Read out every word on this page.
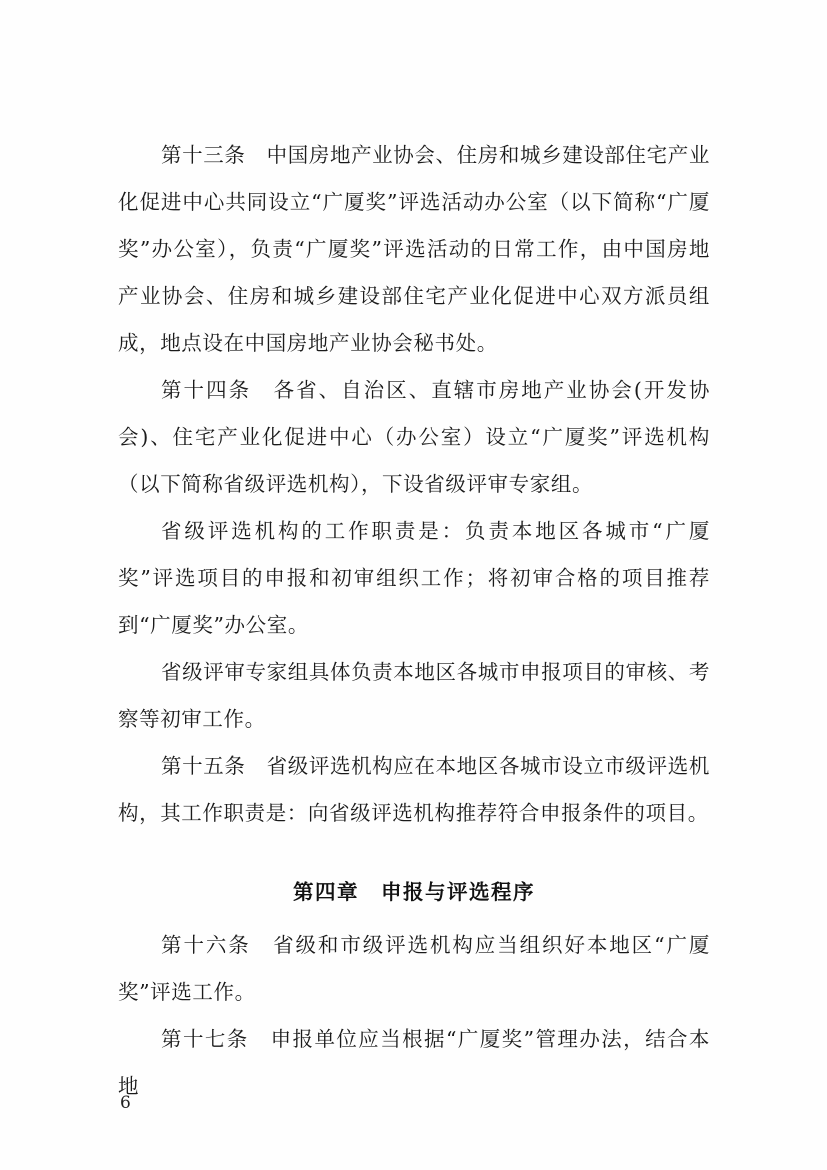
第十三条　中国房地产业协会、住房和城乡建设部住宅产业化促进中心共同设立“广厦奖”评选活动办公室（以下简称“广厦奖”办公室），负责“广厦奖”评选活动的日常工作，由中国房地产业协会、住房和城乡建设部住宅产业化促进中心双方派员组成，地点设在中国房地产业协会秘书处。

第十四条　各省、自治区、直辖市房地产业协会(开发协会)、住宅产业化促进中心（办公室）设立“广厦奖”评选机构（以下简称省级评选机构），下设省级评审专家组。

省级评选机构的工作职责是：负责本地区各城市“广厦奖”评选项目的申报和初审组织工作；将初审合格的项目推荐到“广厦奖”办公室。

省级评审专家组具体负责本地区各城市申报项目的审核、考察等初审工作。

第十五条　省级评选机构应在本地区各城市设立市级评选机构，其工作职责是：向省级评选机构推荐符合申报条件的项目。

第四章　申报与评选程序

第十六条　省级和市级评选机构应当组织好本地区“广厦奖”评选工作。

第十七条　申报单位应当根据“广厦奖”管理办法，结合本地

6
